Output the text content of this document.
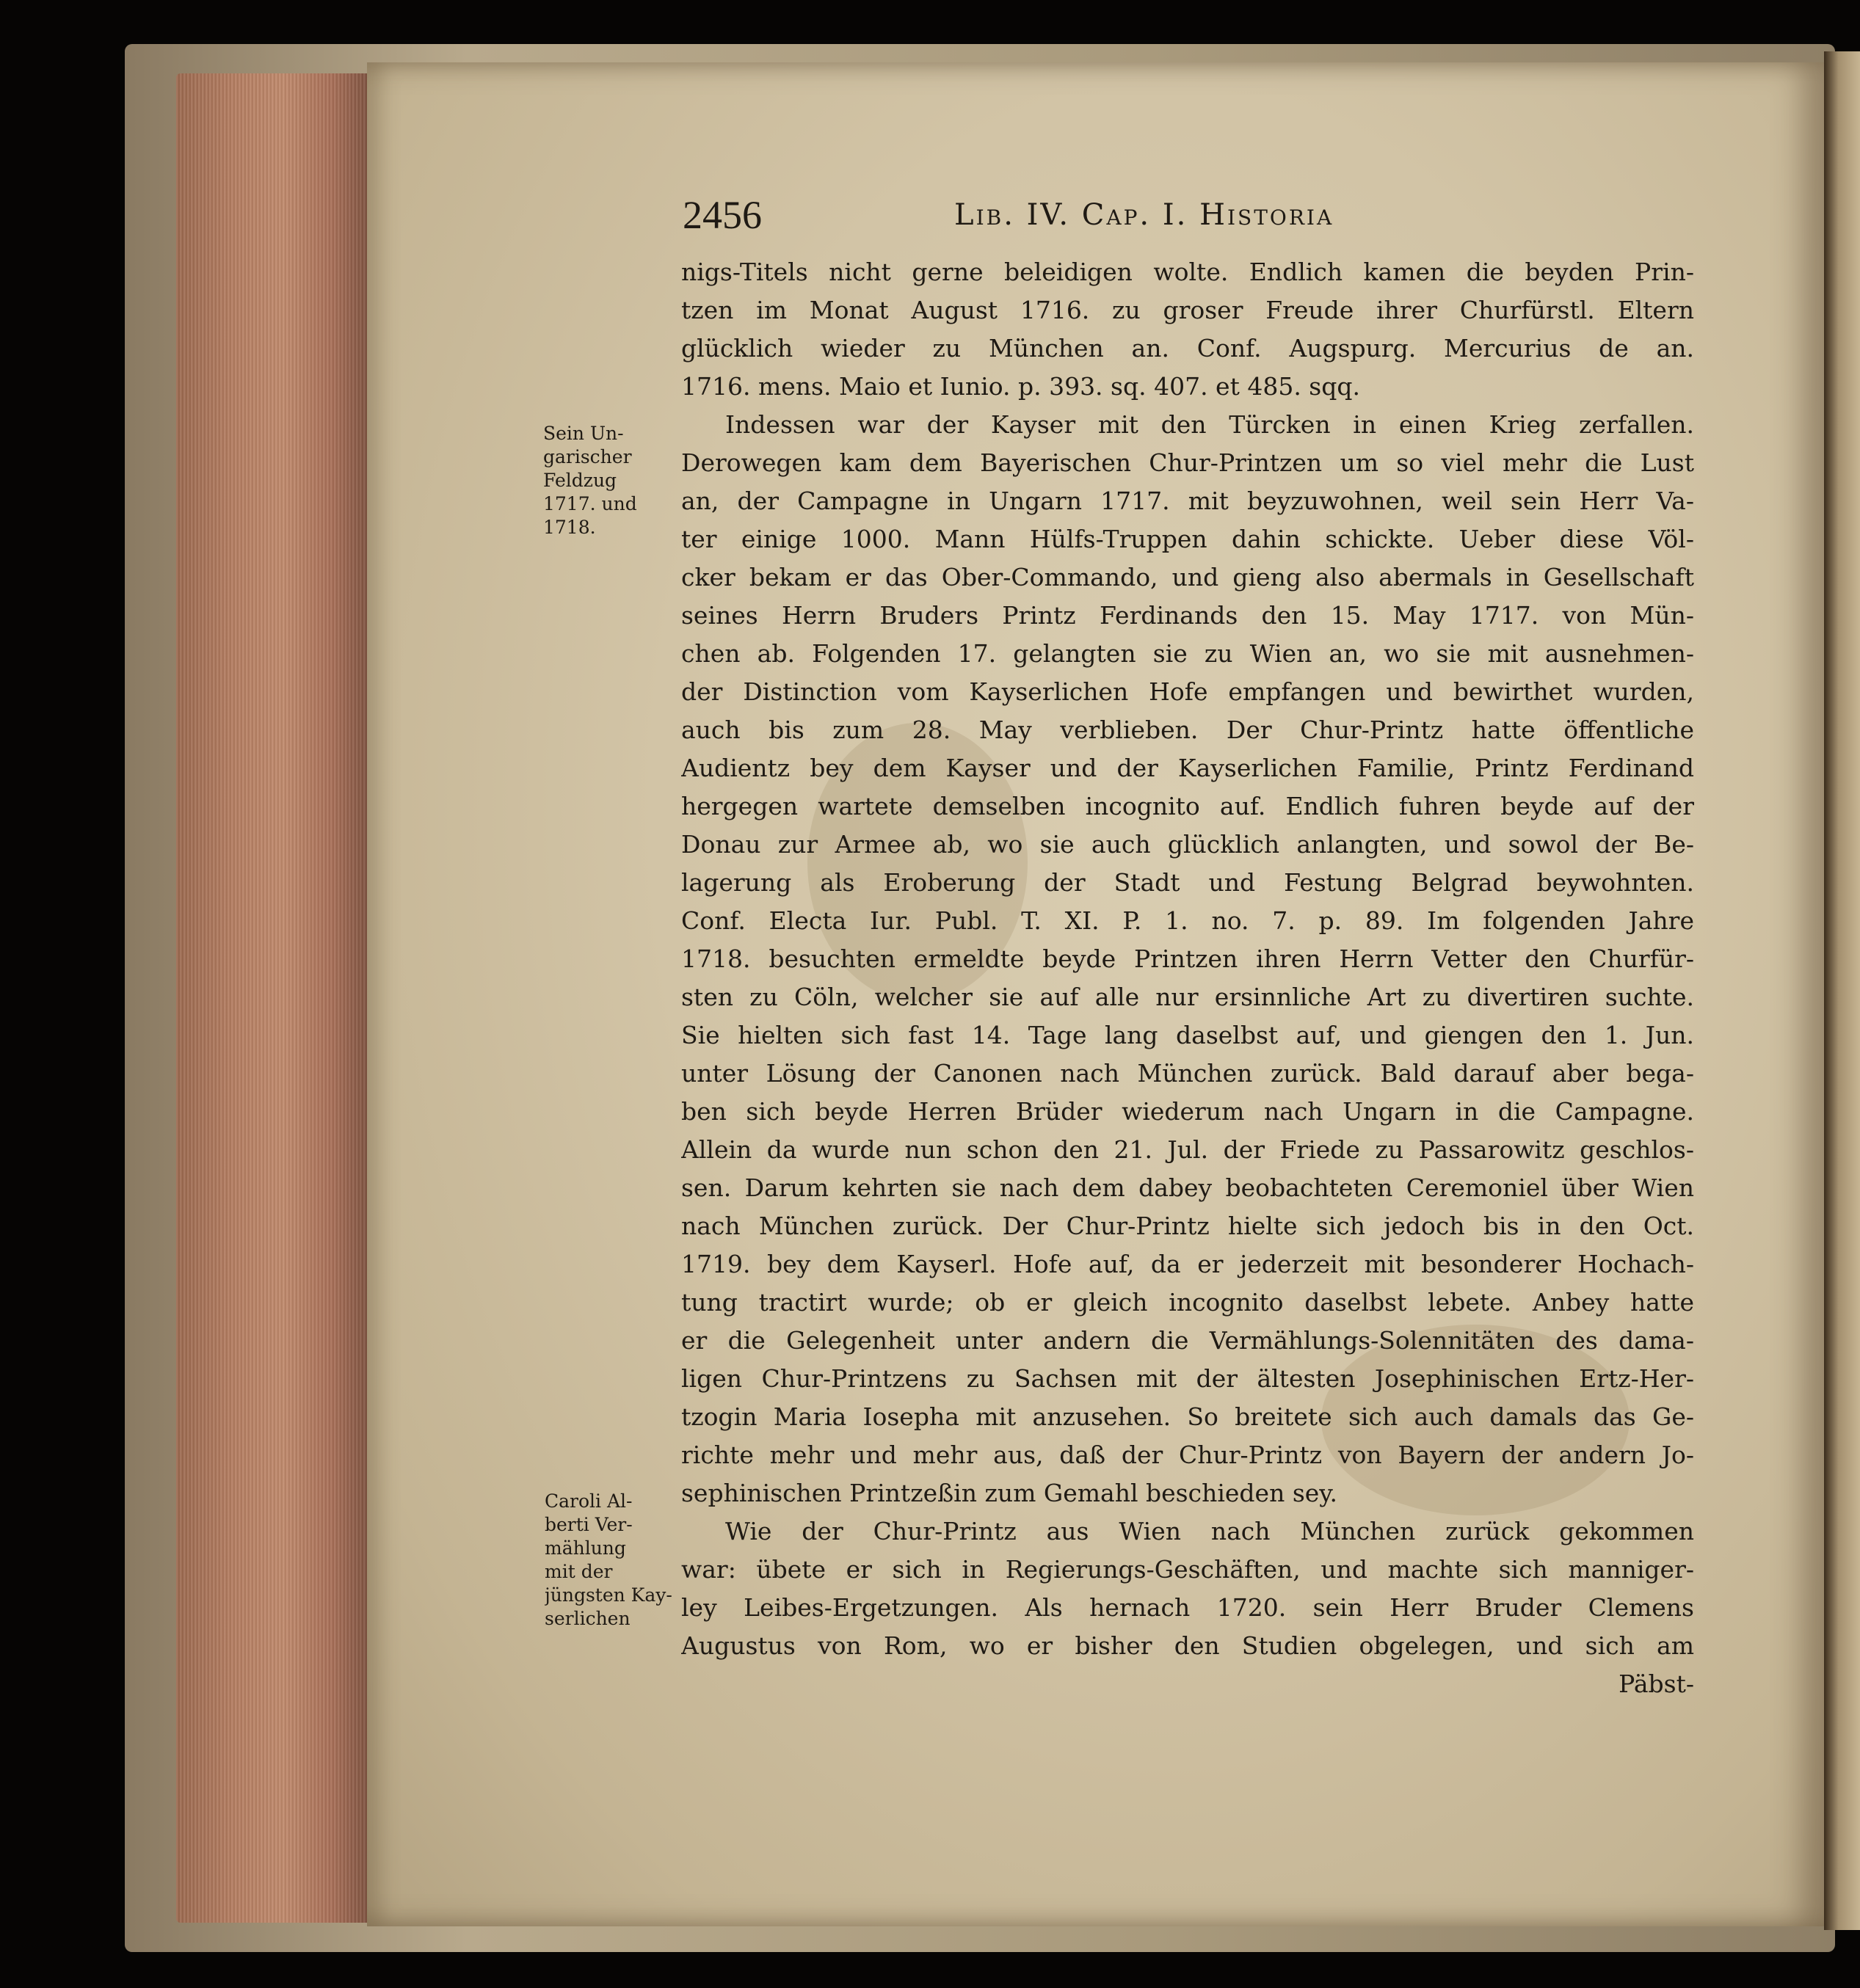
2456	Lib. IV. Cap. I. Historia
Sein Un-
garischer
Feldzug
1717. und
1718.
Caroli Al-
berti Ver-
mählung
mit der
jüngsten Kay-
serlichen
nigs-Titels nicht gerne beleidigen wolte. Endlich kamen die beyden Prin-
tzen im Monat August 1716. zu groser Freude ihrer Churfürstl. Eltern
glücklich wieder zu München an. Conf. Augspurg. Mercurius de an.
1716. mens. Maio et Iunio. p. 393. sq. 407. et 485. sqq.
Indessen war der Kayser mit den Türcken in einen Krieg zerfallen.
Derowegen kam dem Bayerischen Chur-Printzen um so viel mehr die Lust
an, der Campagne in Ungarn 1717. mit beyzuwohnen, weil sein Herr Va-
ter einige 1000. Mann Hülfs-Truppen dahin schickte. Ueber diese Völ-
cker bekam er das Ober-Commando, und gieng also abermals in Gesellschaft
seines Herrn Bruders Printz Ferdinands den 15. May 1717. von Mün-
chen ab. Folgenden 17. gelangten sie zu Wien an, wo sie mit ausnehmen-
der Distinction vom Kayserlichen Hofe empfangen und bewirthet wurden,
auch bis zum 28. May verblieben. Der Chur-Printz hatte öffentliche
Audientz bey dem Kayser und der Kayserlichen Familie, Printz Ferdinand
hergegen wartete demselben incognito auf. Endlich fuhren beyde auf der
Donau zur Armee ab, wo sie auch glücklich anlangten, und sowol der Be-
lagerung als Eroberung der Stadt und Festung Belgrad beywohnten.
Conf. Electa Iur. Publ. T. XI. P. 1. no. 7. p. 89. Im folgenden Jahre
1718. besuchten ermeldte beyde Printzen ihren Herrn Vetter den Churfür-
sten zu Cöln, welcher sie auf alle nur ersinnliche Art zu divertiren suchte.
Sie hielten sich fast 14. Tage lang daselbst auf, und giengen den 1. Jun.
unter Lösung der Canonen nach München zurück. Bald darauf aber bega-
ben sich beyde Herren Brüder wiederum nach Ungarn in die Campagne.
Allein da wurde nun schon den 21. Jul. der Friede zu Passarowitz geschlos-
sen. Darum kehrten sie nach dem dabey beobachteten Ceremoniel über Wien
nach München zurück. Der Chur-Printz hielte sich jedoch bis in den Oct.
1719. bey dem Kayserl. Hofe auf, da er jederzeit mit besonderer Hochach-
tung tractirt wurde; ob er gleich incognito daselbst lebete. Anbey hatte
er die Gelegenheit unter andern die Vermählungs-Solennitäten des dama-
ligen Chur-Printzens zu Sachsen mit der ältesten Josephinischen Ertz-Her-
tzogin Maria Iosepha mit anzusehen. So breitete sich auch damals das Ge-
richte mehr und mehr aus, daß der Chur-Printz von Bayern der andern Jo-
sephinischen Printzeßin zum Gemahl beschieden sey.
Wie der Chur-Printz aus Wien nach München zurück gekommen
war: übete er sich in Regierungs-Geschäften, und machte sich manniger-
ley Leibes-Ergetzungen. Als hernach 1720. sein Herr Bruder Clemens
Augustus von Rom, wo er bisher den Studien obgelegen, und sich am
Päbst-
